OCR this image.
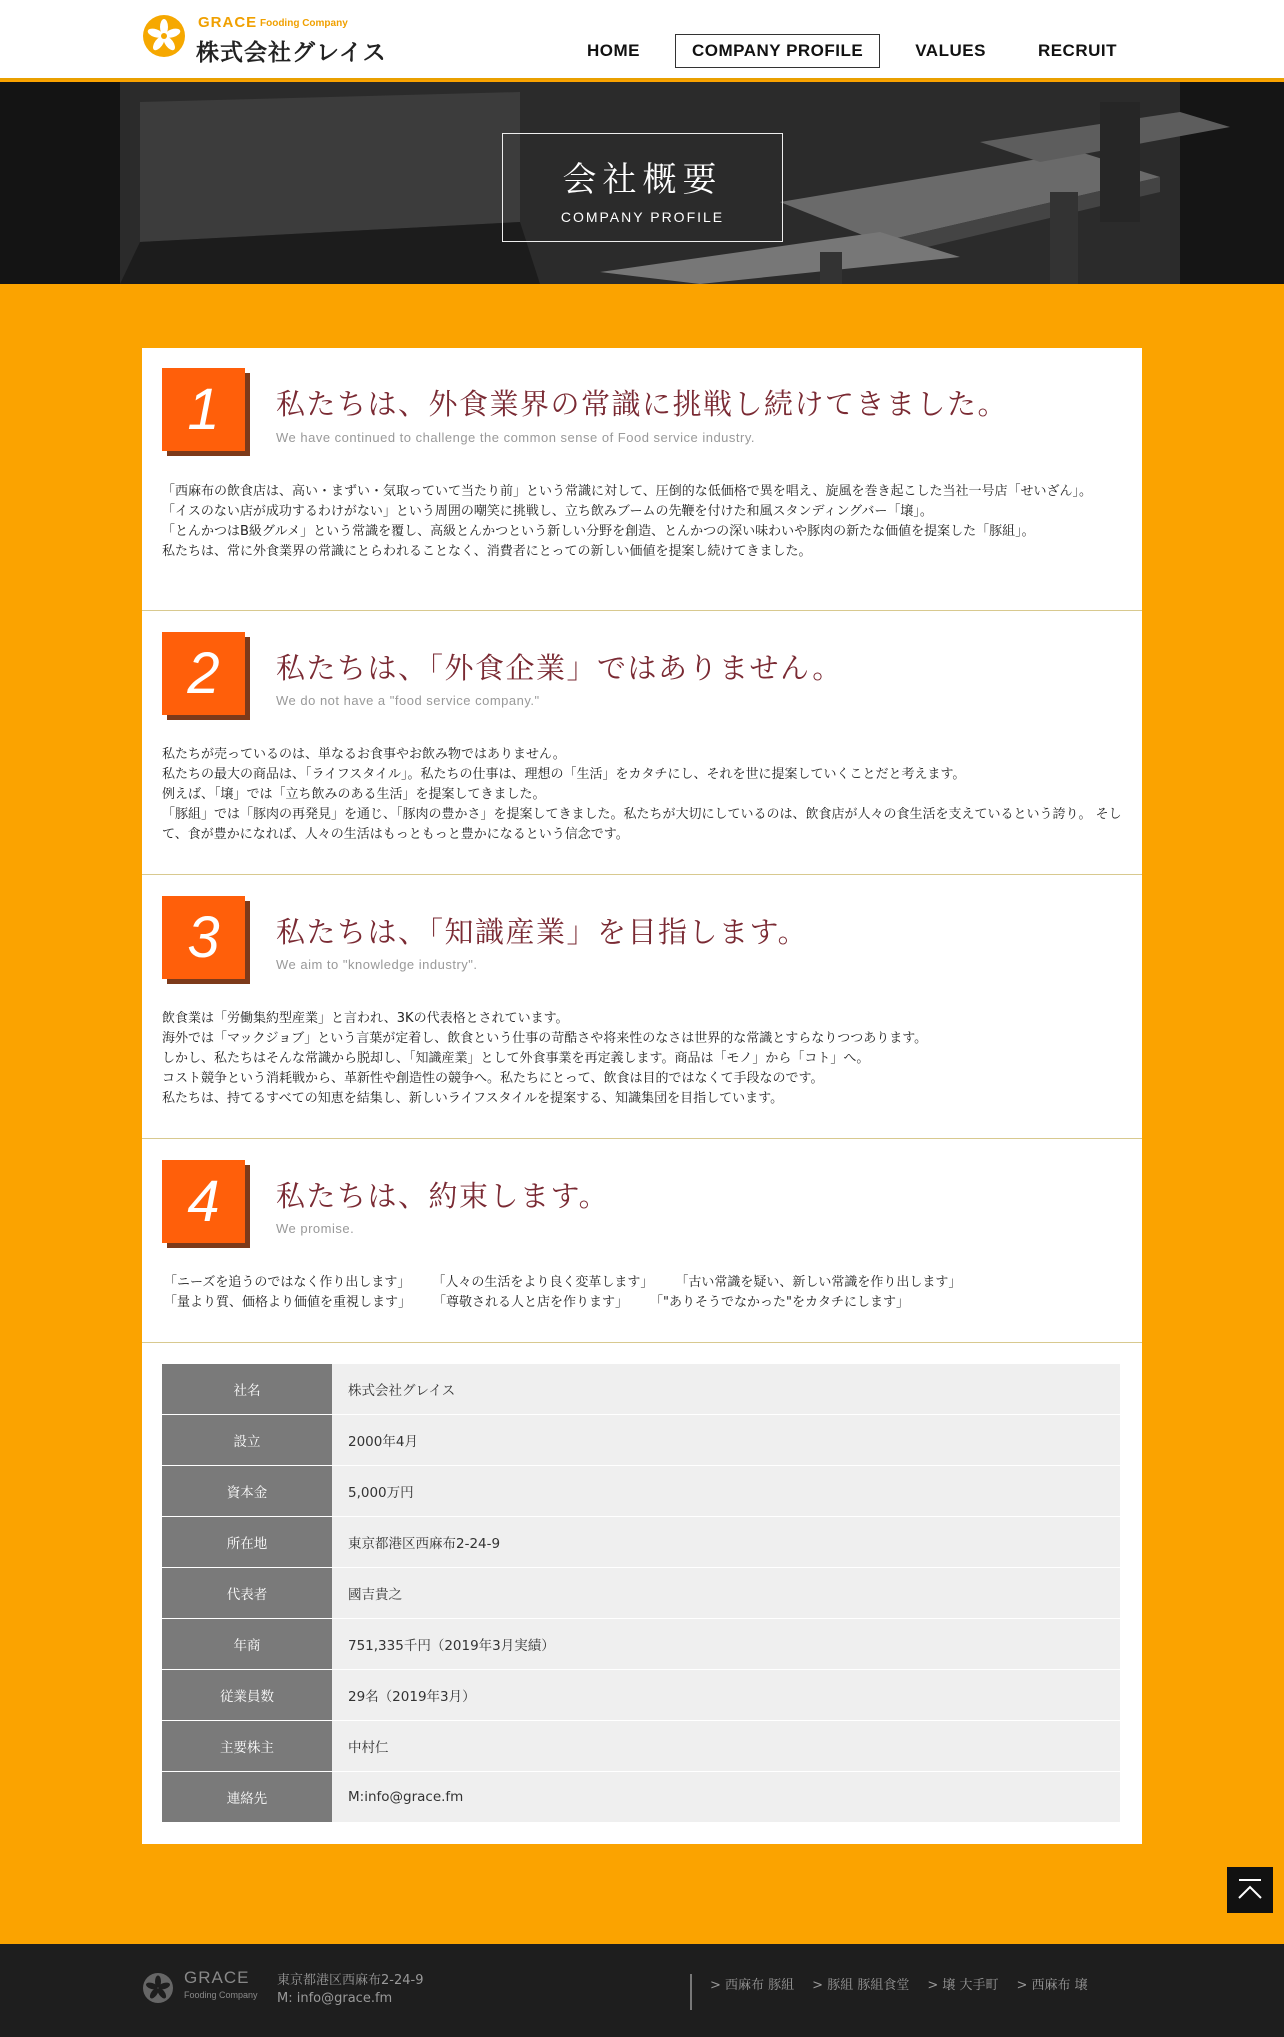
GRACE Fooding Company
株式会社グレイス	HOME	COMPANY PROFILE	VALUES	RECRUIT
会社概要
COMPANY PROFILE
1	私たちは、外食業界の常識に挑戦し続けてきました。
We have continued to challenge the common sense of Food service industry.

「西麻布の飲食店は、高い・まずい・気取っていて当たり前」という常識に対して、圧倒的な低価格で異を唱え、旋風を巻き起こした当社一号店「せいざん」。

「イスのない店が成功するわけがない」という周囲の嘲笑に挑戦し、立ち飲みブームの先鞭を付けた和風スタンディングバー「壌」。

「とんかつはB級グルメ」という常識を覆し、高級とんかつという新しい分野を創造、とんかつの深い味わいや豚肉の新たな価値を提案した「豚組」。

私たちは、常に外食業界の常識にとらわれることなく、消費者にとっての新しい価値を提案し続けてきました。

2	私たちは、「外食企業」ではありません。
We do not have a "food service company."

私たちが売っているのは、単なるお食事やお飲み物ではありません。

私たちの最大の商品は、「ライフスタイル」。私たちの仕事は、理想の「生活」をカタチにし、それを世に提案していくことだと考えます。

例えば、「壌」では「立ち飲みのある生活」を提案してきました。

「豚組」では「豚肉の再発見」を通じ、「豚肉の豊かさ」を提案してきました。私たちが大切にしているのは、飲食店が人々の食生活を支えているという誇り。 そして、食が豊かになれば、人々の生活はもっともっと豊かになるという信念です。

3	私たちは、「知識産業」を目指します。
We aim to "knowledge industry".

飲食業は「労働集約型産業」と言われ、3Kの代表格とされています。

海外では「マックジョブ」という言葉が定着し、飲食という仕事の苛酷さや将来性のなさは世界的な常識とすらなりつつあります。

しかし、私たちはそんな常識から脱却し、「知識産業」として外食事業を再定義します。商品は「モノ」から「コト」へ。

コスト競争という消耗戦から、革新性や創造性の競争へ。私たちにとって、飲食は目的ではなくて手段なのです。

私たちは、持てるすべての知恵を結集し、新しいライフスタイルを提案する、知識集団を目指しています。

4	私たちは、約束します。
We promise.
「ニーズを追うのではなく作り出します」 「人々の生活をより良く変革します」 「古い常識を疑い、新しい常識を作り出します」
「量より質、価格より価値を重視します」 「尊敬される人と店を作ります」 「"ありそうでなかった"をカタチにします」
社名	株式会社グレイス
設立	2000年4月
資本金	5,000万円
所在地	東京都港区西麻布2-24-9
代表者	國吉貴之
年商	751,335千円（2019年3月実績）
従業員数	29名（2019年3月）
主要株主	中村仁
連絡先	M:info@grace.fm
GRACE
Fooding Company
東京都港区西麻布2-24-9
M: info@grace.fm
> 西麻布 豚組 > 豚組 豚組食堂 > 壌 大手町 > 西麻布 壌
